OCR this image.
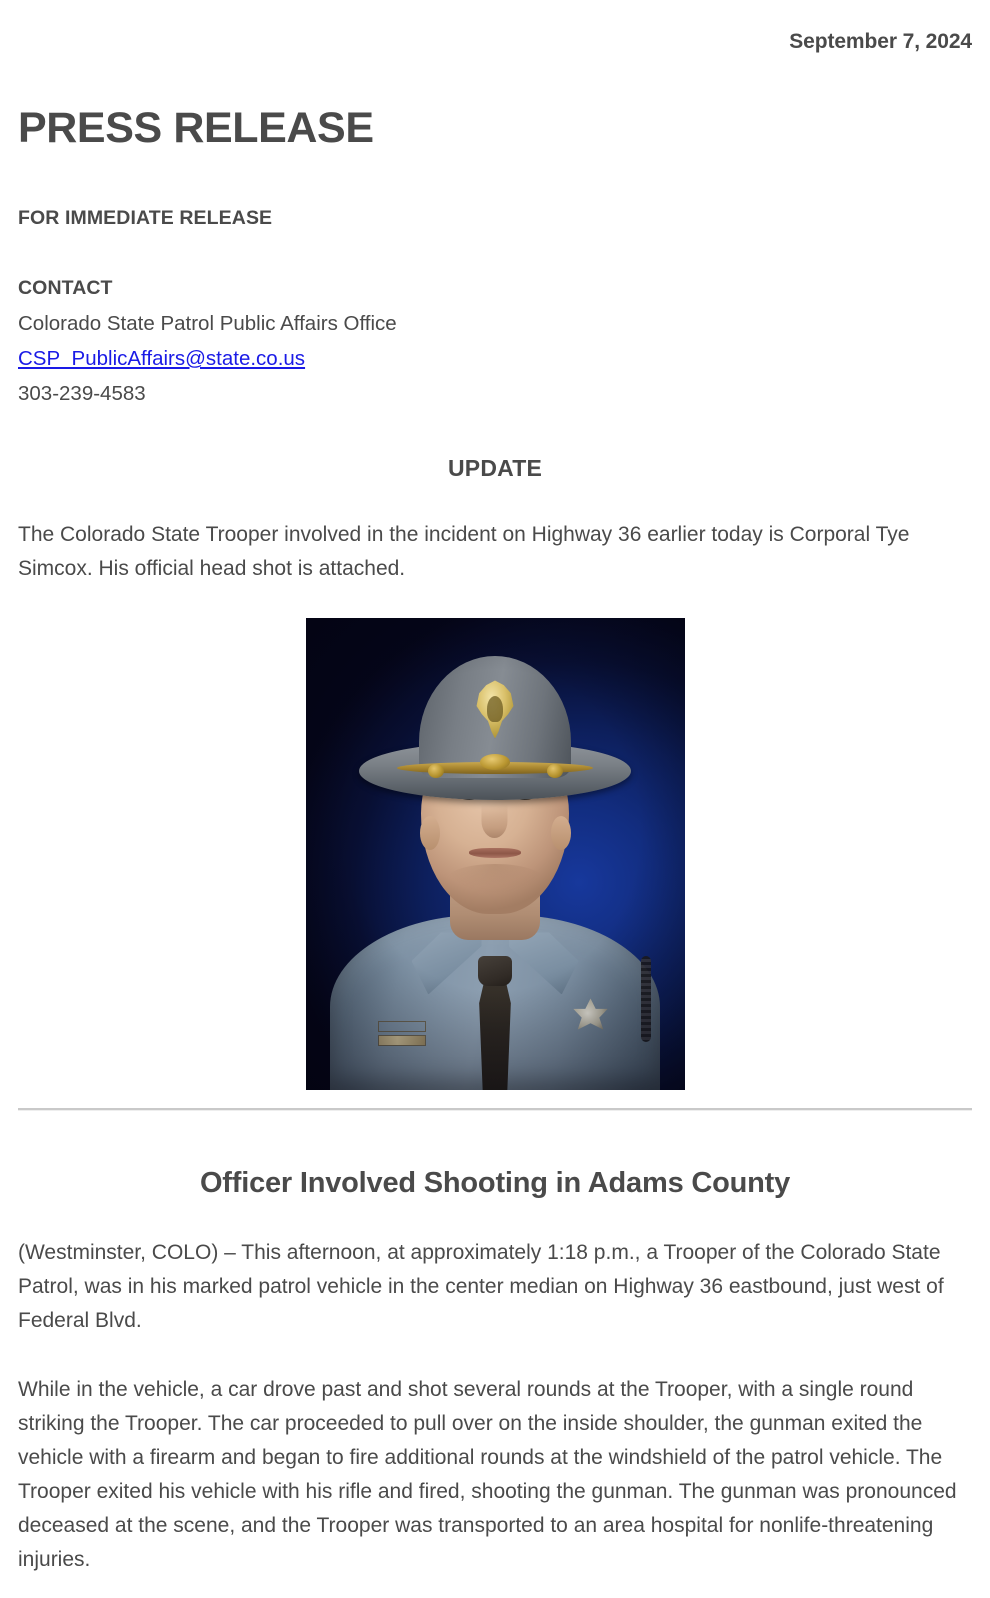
September 7, 2024
PRESS RELEASE
FOR IMMEDIATE RELEASE
CONTACT
Colorado State Patrol Public Affairs Office
CSP_PublicAffairs@state.co.us
303-239-4583
UPDATE

The Colorado State Trooper involved in the incident on Highway 36 earlier today is Corporal Tye Simcox. His official head shot is attached.

Officer Involved Shooting in Adams County

(Westminster, COLO) – This afternoon, at approximately 1:18 p.m., a Trooper of the Colorado State Patrol, was in his marked patrol vehicle in the center median on Highway 36 eastbound, just west of Federal Blvd.

While in the vehicle, a car drove past and shot several rounds at the Trooper, with a single round striking the Trooper. The car proceeded to pull over on the inside shoulder, the gunman exited the vehicle with a firearm and began to fire additional rounds at the windshield of the patrol vehicle. The Trooper exited his vehicle with his rifle and fired, shooting the gunman. The gunman was pronounced deceased at the scene, and the Trooper was transported to an area hospital for nonlife-threatening injuries.
